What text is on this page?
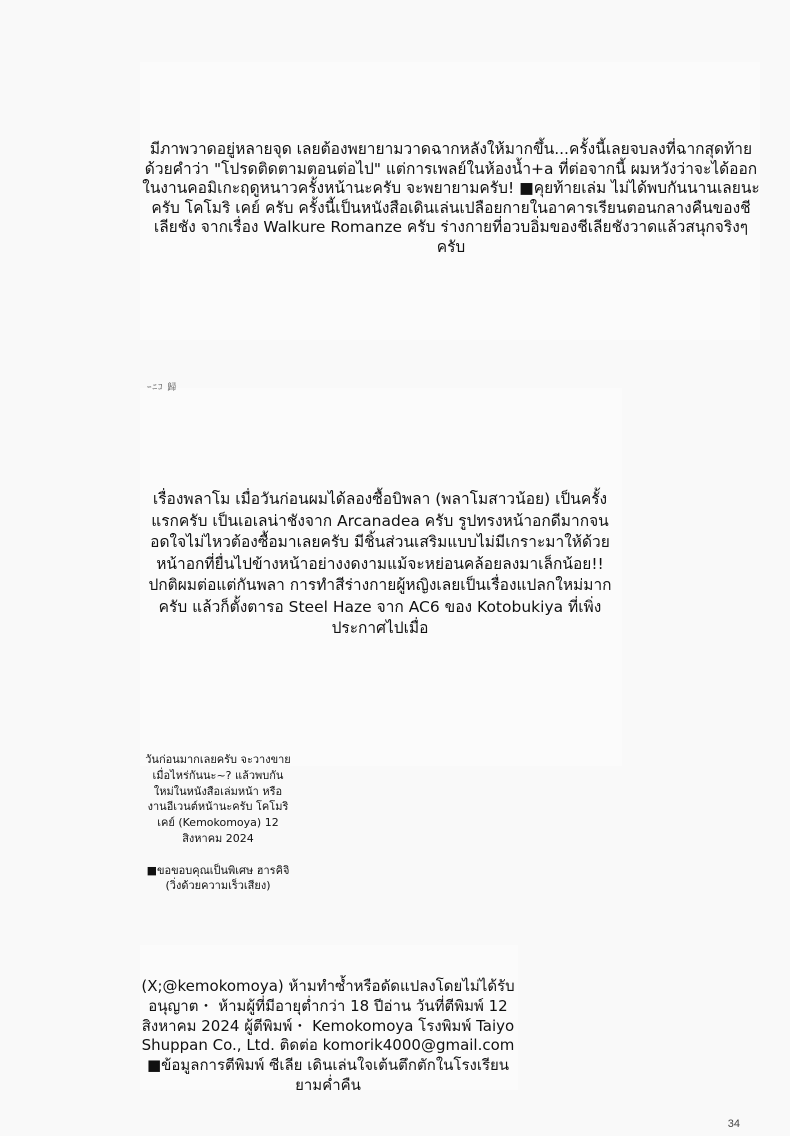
ｰﾆｺ 歸

มีภาพวาดอยู่หลายจุด เลยต้องพยายามวาดฉากหลังให้มากขึ้น...ครั้งนี้เลยจบลงที่ฉากสุดท้ายด้วยคำว่า "โปรดติดตามตอนต่อไป" แต่การเพลย์ในห้องน้ำ+a ที่ต่อจากนี้ ผมหวังว่าจะได้ออกในงานคอมิเกะฤดูหนาวครั้งหน้านะครับ จะพยายามครับ! ■คุยท้ายเล่ม ไม่ได้พบกันนานเลยนะครับ โคโมริ เคย์ ครับ ครั้งนี้เป็นหนังสือเดินเล่นเปลือยกายในอาคารเรียนตอนกลางคืนของชีเลียชัง จากเรื่อง Walkure Romanze ครับ ร่างกายที่อวบอิ่มของชีเลียชังวาดแล้วสนุกจริงๆ ครับ

เรื่องพลาโม เมื่อวันก่อนผมได้ลองซื้อบิพลา (พลาโมสาวน้อย) เป็นครั้งแรกครับ เป็นเอเลน่าชังจาก Arcanadea ครับ รูปทรงหน้าอกดีมากจนอดใจไม่ไหวต้องซื้อมาเลยครับ มีชิ้นส่วนเสริมแบบไม่มีเกราะมาให้ด้วย หน้าอกที่ยื่นไปข้างหน้าอย่างงดงามแม้จะหย่อนคล้อยลงมาเล็กน้อย!! ปกติผมต่อแต่กันพลา การทำสีร่างกายผู้หญิงเลยเป็นเรื่องแปลกใหม่มากครับ แล้วก็ตั้งตารอ Steel Haze จาก AC6 ของ Kotobukiya ที่เพิ่งประกาศไปเมื่อ

วันก่อนมากเลยครับ จะวางขายเมื่อไหร่กันนะ~? แล้วพบกันใหม่ในหนังสือเล่มหน้า หรืองานอีเวนต์หน้านะครับ โคโมริ เคย์ (Kemokomoya) 12 สิงหาคม 2024

■ขอขอบคุณเป็นพิเศษ ฮารคิจิ (วิ่งด้วยความเร็วเสียง)

(X;@kemokomoya) ห้ามทำซ้ำหรือดัดแปลงโดยไม่ได้รับอนุญาต・ ห้ามผู้ที่มีอายุต่ำกว่า 18 ปีอ่าน วันที่ตีพิมพ์ 12 สิงหาคม 2024 ผู้ตีพิมพ์・ Kemokomoya โรงพิมพ์ Taiyo Shuppan Co., Ltd. ติดต่อ komorik4000@gmail.com ■ข้อมูลการตีพิมพ์ ซีเลีย เดินเล่นใจเต้นตึกตักในโรงเรียนยามค่ำคืน

34
